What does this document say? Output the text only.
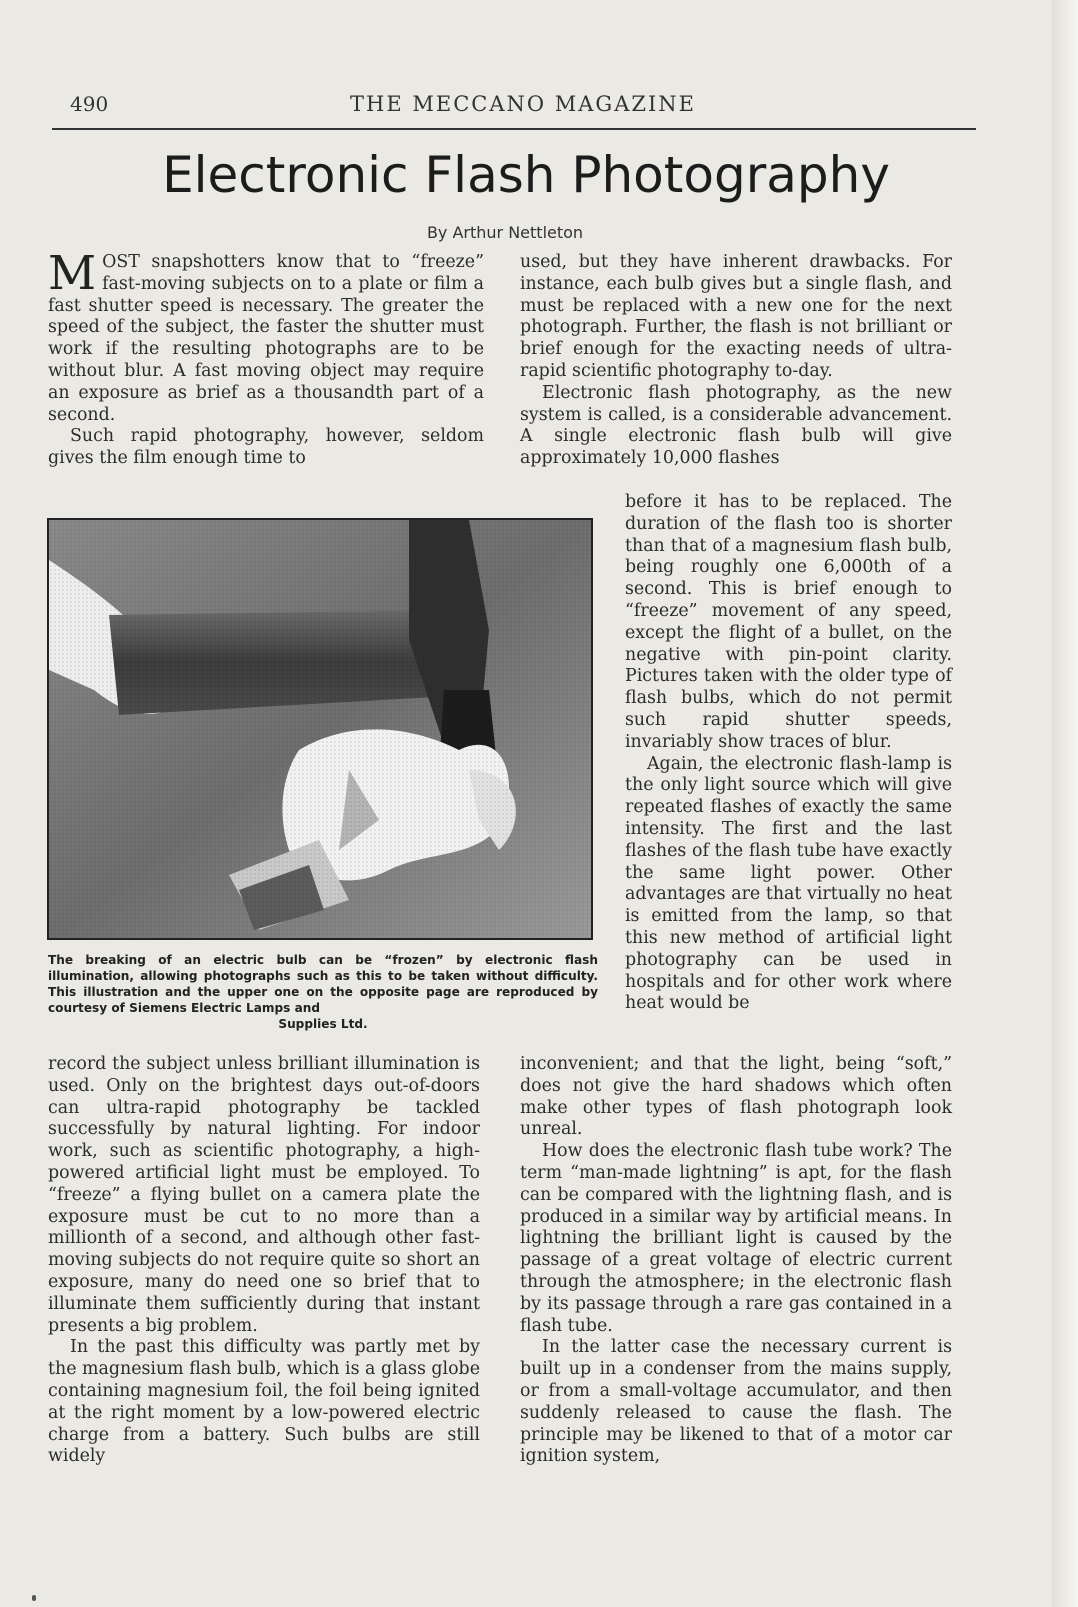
490	THE MECCANO MAGAZINE
Electronic Flash Photography
By Arthur Nettleton

MOST snapshotters know that to “freeze” fast-moving subjects on to a plate or film a fast shutter speed is necessary. The greater the speed of the subject, the faster the shutter must work if the resulting photographs are to be without blur. A fast moving object may require an exposure as brief as a thousandth part of a second.

Such rapid photography, however, seldom gives the film enough time to

used, but they have inherent drawbacks. For instance, each bulb gives but a single flash, and must be replaced with a new one for the next photograph. Further, the flash is not brilliant or brief enough for the exacting needs of ultra-rapid scientific photography to-day.

Electronic flash photography, as the new system is called, is a considerable advancement. A single electronic flash bulb will give approximately 10,000 flashes

before it has to be replaced. The duration of the flash too is shorter than that of a magnesium flash bulb, being roughly one 6,000th of a second. This is brief enough to “freeze” movement of any speed, except the flight of a bullet, on the negative with pin-point clarity. Pictures taken with the older type of flash bulbs, which do not permit such rapid shutter speeds, invariably show traces of blur.

Again, the electronic flash-lamp is the only light source which will give repeated flashes of exactly the same intensity. The first and the last flashes of the flash tube have exactly the same light power. Other advantages are that virtually no heat is emitted from the lamp, so that this new method of artificial light photography can be used in hospitals and for other work where heat would be

The breaking of an electric bulb can be “frozen” by electronic flash illumination, allowing photographs such as this to be taken without difficulty. This illustration and the upper one on the opposite page are reproduced by courtesy of Siemens Electric Lamps and
Supplies Ltd.

record the subject unless brilliant illumination is used. Only on the brightest days out-of-doors can ultra-rapid photography be tackled successfully by natural lighting. For indoor work, such as scientific photography, a high-powered artificial light must be employed. To “freeze” a flying bullet on a camera plate the exposure must be cut to no more than a millionth of a second, and although other fast-moving subjects do not require quite so short an exposure, many do need one so brief that to illuminate them sufficiently during that instant presents a big problem.

In the past this difficulty was partly met by the magnesium flash bulb, which is a glass globe containing magnesium foil, the foil being ignited at the right moment by a low-powered electric charge from a battery. Such bulbs are still widely

inconvenient; and that the light, being “soft,” does not give the hard shadows which often make other types of flash photograph look unreal.

How does the electronic flash tube work? The term “man-made lightning” is apt, for the flash can be compared with the lightning flash, and is produced in a similar way by artificial means. In lightning the brilliant light is caused by the passage of a great voltage of electric current through the atmosphere; in the electronic flash by its passage through a rare gas contained in a flash tube.

In the latter case the necessary current is built up in a condenser from the mains supply, or from a small-voltage accumulator, and then suddenly released to cause the flash. The principle may be likened to that of a motor car ignition system,
